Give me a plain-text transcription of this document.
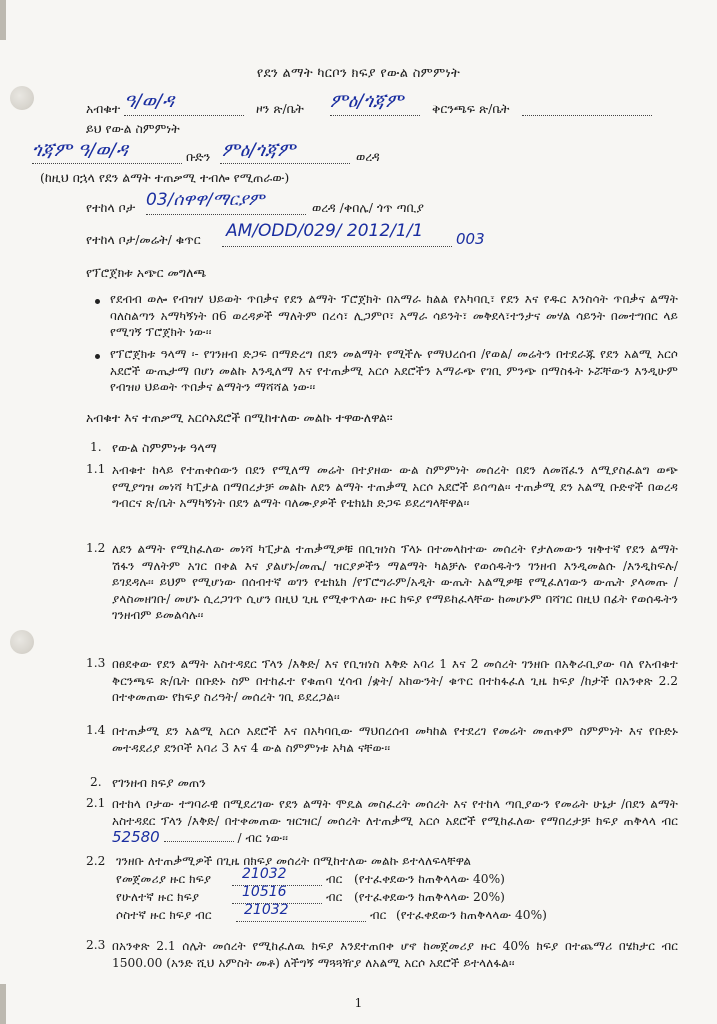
የደን ልማት ካርቦን ክፍያ የውል ስምምነት
አብቁተ ዓ/ወ/ዳ	ዞን ጽ/ቤት ምዕ/ጎጃም ቅርንጫፍ ጽ/ቤት
ይህ የውል ስምምነት
ጎጃም ዓ/ወ/ዳ	ቡድን ምዕ/ጎጃም	ወረዳ
(ከዚህ በኋላ የደን ልማት ተጠቃሚ ተብሎ የሚጠራው)
የተከላ ቦታ 03/ሰዋዋ/ማርያም	ወረዳ /ቀበሌ/ ጎጥ ጣቢያ
የተከላ ቦታ/መሬት/ ቁጥር AM/ODD/029/ 2012/1/1 003
የፕሮጀክቱ አጭር መግለጫ
የደብብ ወሎ የብዝሃ ህይወት ጥበቃና የደን ልማት ፕሮጀክት በአማራ ክልል የአካባቢ፣ የደን እና የዱር እንስሳት ጥበቃና ልማት ባለስልጣን አማካኝነት በ6 ወረዳዎች ማለትም በረሳ፣ ሊጋምቦ፣ አማራ ሳይንት፣ መቅደላ፣ተንታና መሃል ሳይንት በመተግበር ላይ የሚገኝ ፕሮጀክት ነው፡፡
የፕሮጀክቱ ዓላማ ፡- የገንዘብ ድጋፍ በማድረግ በደን መልማት የሚችሉ የማህረሰብ /የወል/ መሬትን በተደራጁ የደን አልሚ አርሶ አደሮች ውጤታማ በሆነ መልኩ እንዲለማ እና የተጠቃሚ አርሶ አደሮችን አማራጭ የገቢ ምንጭ በማስፋት ኑሯቸውን እንዲሁም የብዝሀ ህይወት ጥበቃና ልማትን ማሻሻል ነው፡፡
አብቁተ እና ተጠቃሚ አርሶአደሮች በሚከተለው መልኩ ተዋውለዋል፡፡
1. የውል ስምምነቱ ዓላማ
1.1 አብቁተ ከላይ የተጠቀሰውን በደን የሚለማ መሬት በተያዘው ውል ስምምነት መሰረት በደን ለመሸፈን ለሚያስፈልግ ወጭ የሚያግዝ መነሻ ካፒታል በማበረታቻ መልኩ ለደን ልማት ተጠቃሚ አርሶ አደሮች ይሰጣል፡፡ ተጠቃሚ ደን አልሚ ቡድኖች በወረዳ ግብርና ጽ/ቤት አማካኝነት በደን ልማት ባለሙያዎች የቴክኒክ ድጋፍ ይደረግላቸዋል፡፡
1.2 ለደን ልማት የሚከፈለው መነሻ ካፒታል ተጠቃሚዎቹ በቢዝነስ ፕላኑ በተመላከተው መሰረት የታለመውን ዝቅተኛ የደን ልማት ሽፋን ማለትም አገር በቀል እና ያልሆኑ/መጤ/ ዝርያዎችን ማልማት ካልቻሉ የወሰዱትን ገንዘብ እንዲመልሱ /እንዲከፍሉ/ ይገደዳሉ፡፡ ይህም የሚሆነው በሰብተኛ ወገን የቴክኒክ /የፕሮግራም/አዲት ውጤት አልሚዎቹ የሚፈለገውን ውጤት ያላመጡ /ያላስመዘገቡ/ መሆኑ ሲረጋገጥ ሲሆን በዚህ ጊዜ የሚቀጥለው ዙር ክፍያ የማይከፈላቸው ከመሆኑም በሻገር በዚህ በፊት የወሰዱትን ገንዘብም ይመልሳሉ፡፡
1.3 በፀደቀው የደን ልማት አስተዳደር ፕላን /እቅድ/ እና የቢዝነስ እቅድ አባሪ 1 እና 2 መሰረት ገንዘቡ በአቅራቢያው ባለ የአብቁተ ቅርንጫፍ ጽ/ቤት በቡድኑ ስም በተከፈተ የቁጠባ ሂሳብ /ቋት/ አከውንት/ ቁጥር በተከፋፈለ ጊዜ ክፍያ /ከታች በአንቀጽ 2.2 በተቀመጠው የክፍያ ስሪዓት/ መሰረት ገቢ ይደረጋል፡፡
1.4 በተጠቃሚ ደን አልሚ አርሶ አደሮች እና በአካባቢው ማህበረሰብ መካከል የተደረገ የመሬት መጠቀም ስምምነት እና የቡድኑ መተዳደሪያ ደንቦች አባሪ 3 እና 4 ውል ስምምነቱ አካል ናቸው፡፡
2. የገንዘብ ክፍያ መጠን
2.1 በተከላ ቦታው ተግባራዊ በሚደረገው የደን ልማት ሞዴል መስፈረት መሰረት እና የተከላ ጣቢያውን የመሬት ሁኔታ /በደን ልማት አስተዳደር ፕላን /እቅድ/ በተቀመጠው ዝርዝር/ መሰረት ለተጠቃሚ አርሶ አደሮች የሚከፈለው የማበረታቻ ክፍያ ጠቅላላ ብር 52580	/ ብር ነው፡፡
2.2 ገንዘቡ ለተጠቃሚዎች በጊዜ በክፍያ መሰረት በሚከተለው መልኩ ይተላለፍላቸዋል
የመጀመሪያ ዙር ክፍያ 21032	ብር (የተፈቀደውን ከጠቅላላው 40%)
የሁለተኛ ዙር ክፍያ	10516	ብር (የተፈቀደውን ከጠቅላላው 20%)
ሶስተኛ ዙር ክፍያ ብር 21032	ብር (የተፈቀደውን ከጠቅላላው 40%)
2.3 በአንቀጽ 2.1 ሰሌት መሰረት የሚከፈለዉ ክፍያ እንደተጠበቀ ሆኖ ከመጀመሪያ ዙር 40% ክፍያ በተጨማሪ በሄክታር ብር 1500.00 (አንድ ሺህ አምስት መቶ) ለችግኝ ማጓጓዥያ ለአልሚ አርሶ አደሮች ይተላለፋል፡፡
1
